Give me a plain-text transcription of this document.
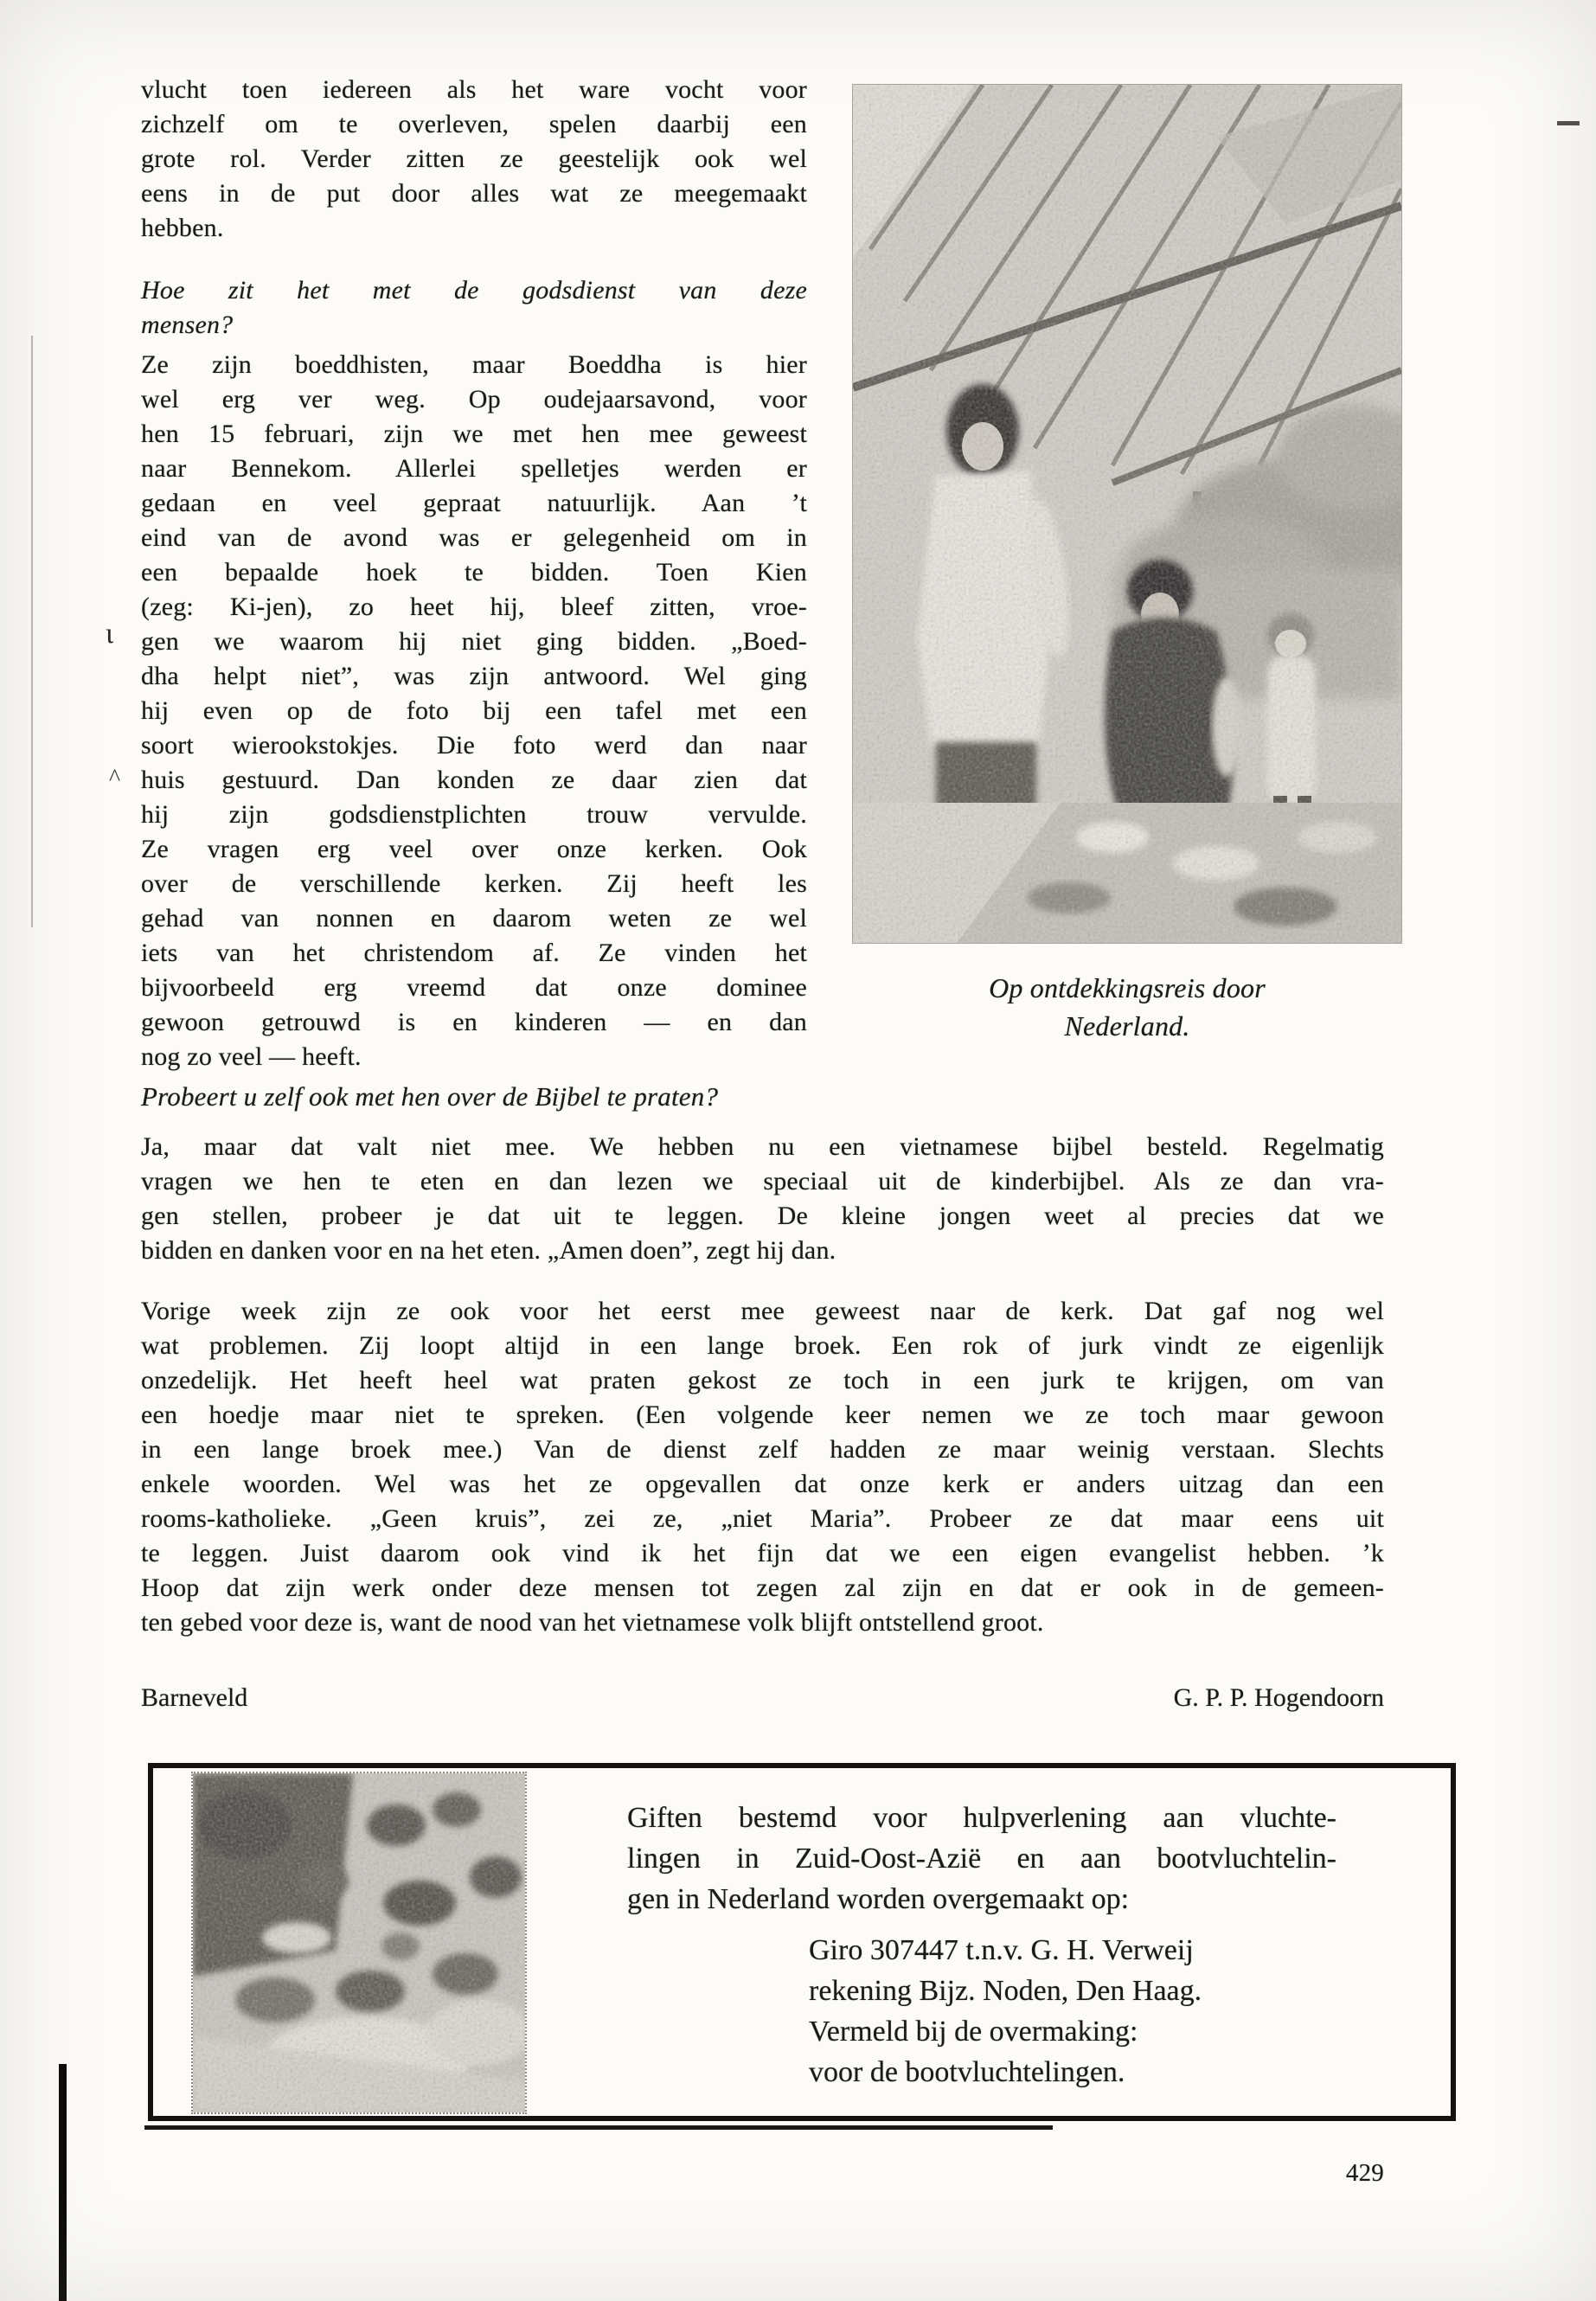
vlucht toen iedereen als het ware vocht voor
zichzelf om te overleven, spelen daarbij een
grote rol. Verder zitten ze geestelijk ook wel
eens in de put door alles wat ze meegemaakt
hebben.
Hoe zit het met de godsdienst van deze
mensen?
Ze zijn boeddhisten, maar Boeddha is hier
wel erg ver weg. Op oudejaarsavond, voor
hen 15 februari, zijn we met hen mee geweest
naar Bennekom. Allerlei spelletjes werden er
gedaan en veel gepraat natuurlijk. Aan ’t
eind van de avond was er gelegenheid om in
een bepaalde hoek te bidden. Toen Kien
(zeg: Ki-jen), zo heet hij, bleef zitten, vroe-
gen we waarom hij niet ging bidden. „Boed-
dha helpt niet”, was zijn antwoord. Wel ging
hij even op de foto bij een tafel met een
soort wierookstokjes. Die foto werd dan naar
huis gestuurd. Dan konden ze daar zien dat
hij zijn godsdienstplichten trouw vervulde.
Ze vragen erg veel over onze kerken. Ook
over de verschillende kerken. Zij heeft les
gehad van nonnen en daarom weten ze wel
iets van het christendom af. Ze vinden het
bijvoorbeeld erg vreemd dat onze dominee
gewoon getrouwd is en kinderen — en dan
nog zo veel — heeft.
Op ontdekkingsreis door
Nederland.
Probeert u zelf ook met hen over de Bijbel te praten?
Ja, maar dat valt niet mee. We hebben nu een vietnamese bijbel besteld. Regelmatig
vragen we hen te eten en dan lezen we speciaal uit de kinderbijbel. Als ze dan vra-
gen stellen, probeer je dat uit te leggen. De kleine jongen weet al precies dat we
bidden en danken voor en na het eten. „Amen doen”, zegt hij dan.
Vorige week zijn ze ook voor het eerst mee geweest naar de kerk. Dat gaf nog wel
wat problemen. Zij loopt altijd in een lange broek. Een rok of jurk vindt ze eigenlijk
onzedelijk. Het heeft heel wat praten gekost ze toch in een jurk te krijgen, om van
een hoedje maar niet te spreken. (Een volgende keer nemen we ze toch maar gewoon
in een lange broek mee.) Van de dienst zelf hadden ze maar weinig verstaan. Slechts
enkele woorden. Wel was het ze opgevallen dat onze kerk er anders uitzag dan een
rooms-katholieke. „Geen kruis”, zei ze, „niet Maria”. Probeer ze dat maar eens uit
te leggen. Juist daarom ook vind ik het fijn dat we een eigen evangelist hebben. ’k
Hoop dat zijn werk onder deze mensen tot zegen zal zijn en dat er ook in de gemeen-
ten gebed voor deze is, want de nood van het vietnamese volk blijft ontstellend groot.
Barneveld	G. P. P. Hogendoorn
Giften bestemd voor hulpverlening aan vluchte-
lingen in Zuid-Oost-Azië en aan bootvluchtelin-
gen in Nederland worden overgemaakt op:
Giro 307447 t.n.v. G. H. Verweij
rekening Bijz. Noden, Den Haag.
Vermeld bij de overmaking:
voor de bootvluchtelingen.
429
ι
^
